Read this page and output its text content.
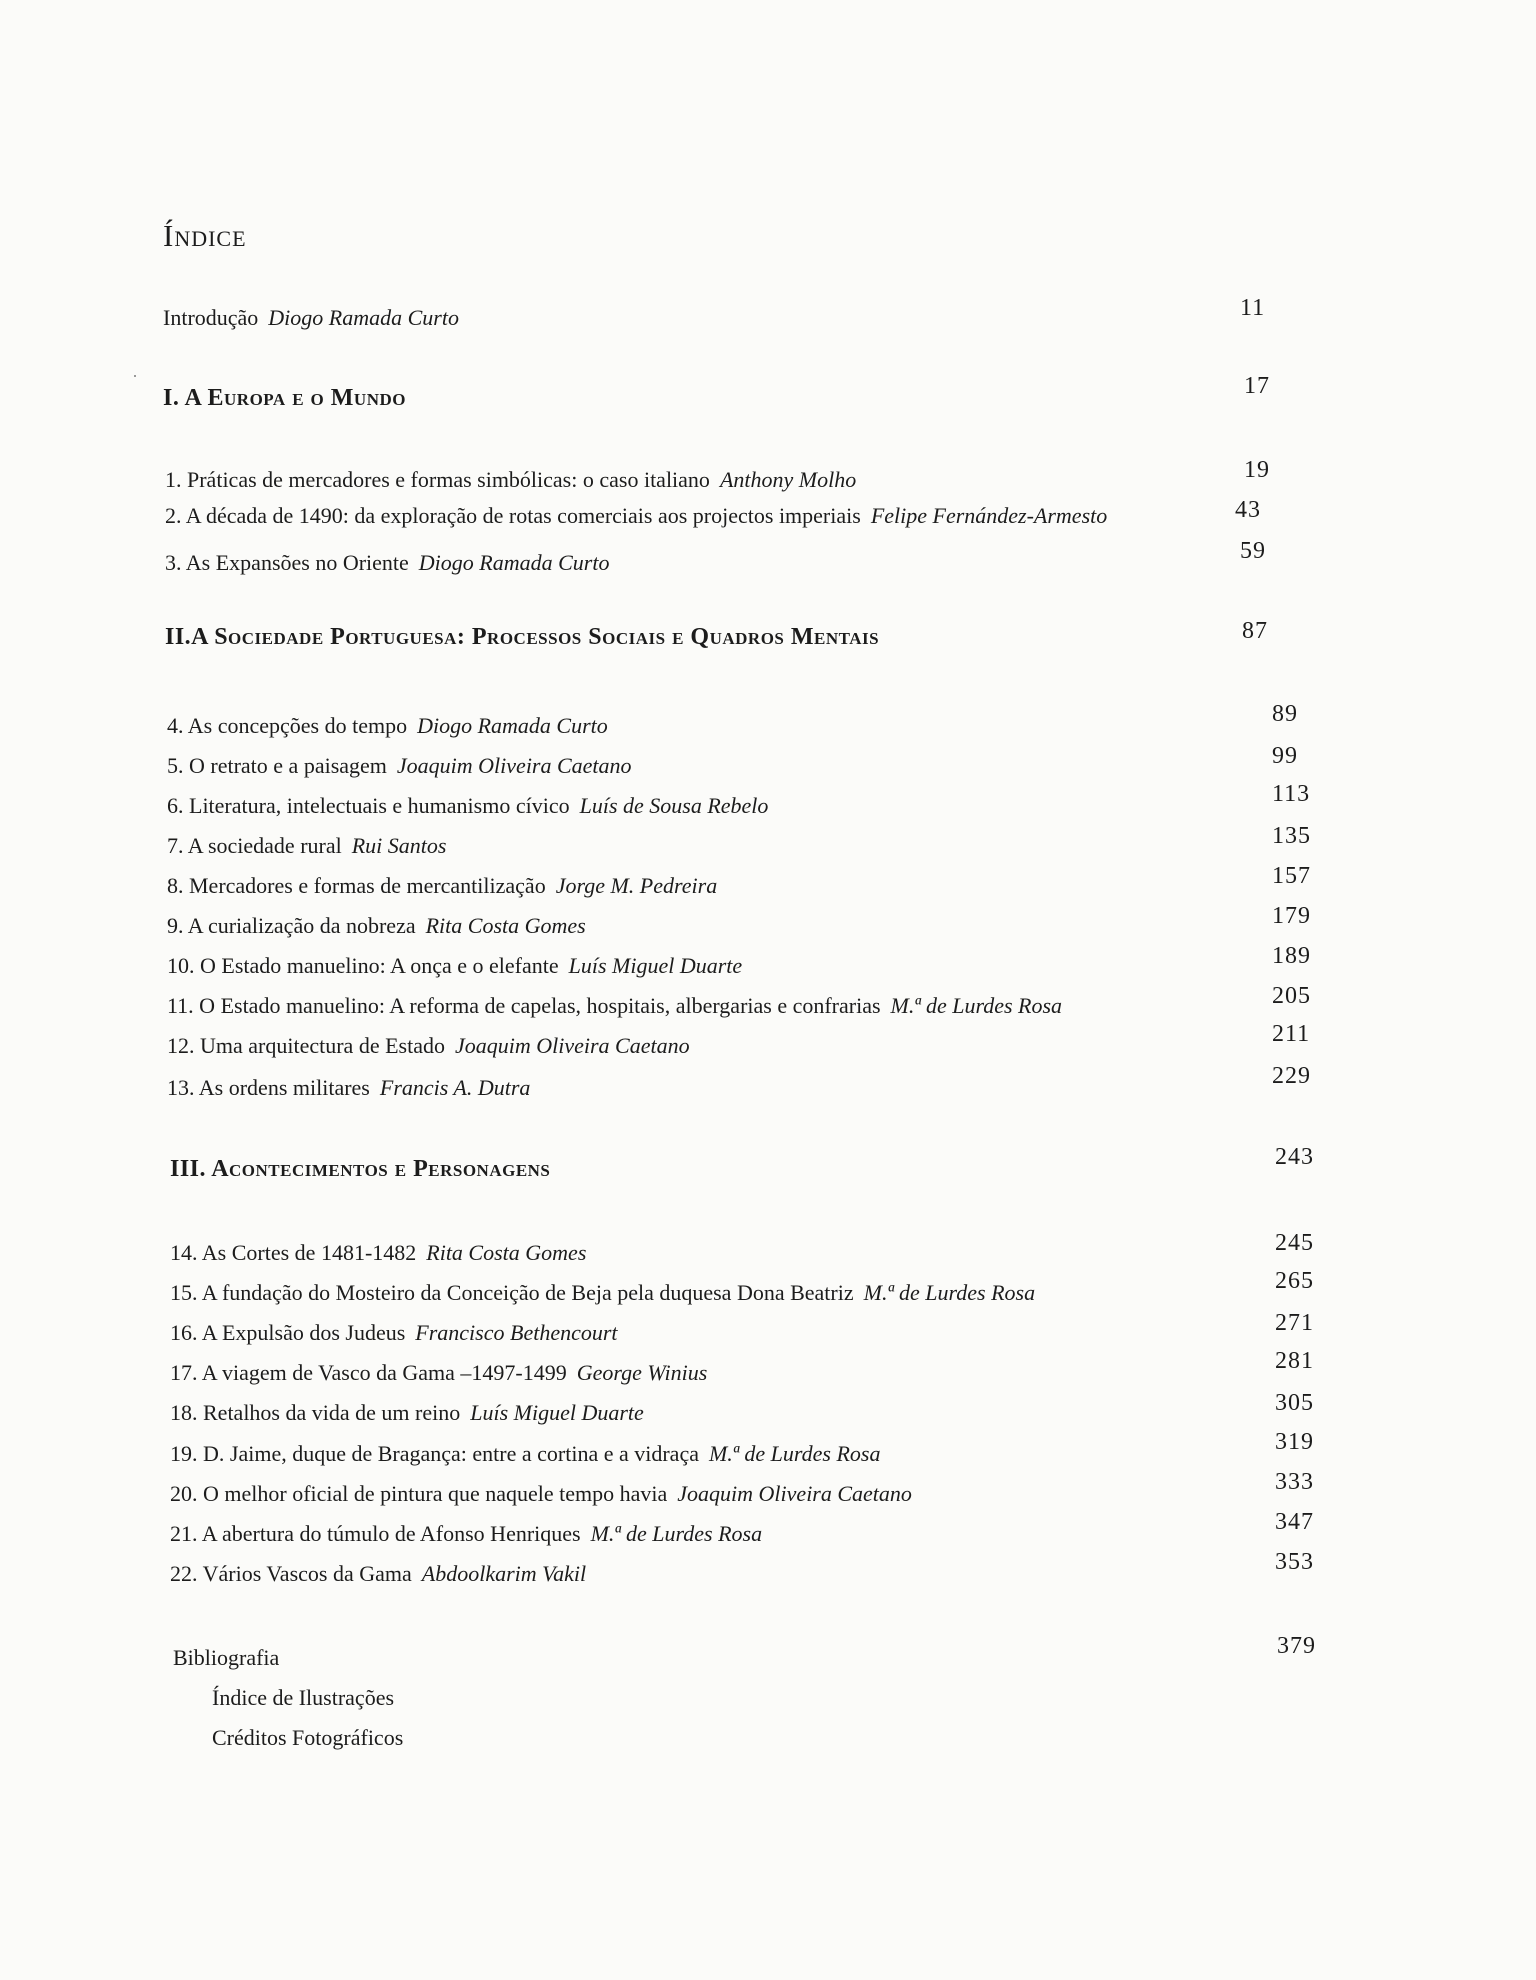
Índice
Introdução Diogo Ramada Curto	11
I. A Europa e o Mundo	17
1. Práticas de mercadores e formas simbólicas: o caso italiano Anthony Molho	19
2. A década de 1490: da exploração de rotas comerciais aos projectos imperiais Felipe Fernández-Armesto	43
3. As Expansões no Oriente Diogo Ramada Curto	59
II.A Sociedade Portuguesa: Processos Sociais e Quadros Mentais	87
4. As concepções do tempo Diogo Ramada Curto	89
5. O retrato e a paisagem Joaquim Oliveira Caetano	99
6. Literatura, intelectuais e humanismo cívico Luís de Sousa Rebelo	113
7. A sociedade rural Rui Santos	135
8. Mercadores e formas de mercantilização Jorge M. Pedreira	157
9. A curialização da nobreza Rita Costa Gomes	179
10. O Estado manuelino: A onça e o elefante Luís Miguel Duarte	189
11. O Estado manuelino: A reforma de capelas, hospitais, albergarias e confrarias M.ª de Lurdes Rosa	205
12. Uma arquitectura de Estado Joaquim Oliveira Caetano	211
13. As ordens militares Francis A. Dutra	229
III. Acontecimentos e Personagens	243
14. As Cortes de 1481-1482 Rita Costa Gomes	245
15. A fundação do Mosteiro da Conceição de Beja pela duquesa Dona Beatriz M.ª de Lurdes Rosa	265
16. A Expulsão dos Judeus Francisco Bethencourt	271
17. A viagem de Vasco da Gama –1497-1499 George Winius	281
18. Retalhos da vida de um reino Luís Miguel Duarte	305
19. D. Jaime, duque de Bragança: entre a cortina e a vidraça M.ª de Lurdes Rosa	319
20. O melhor oficial de pintura que naquele tempo havia Joaquim Oliveira Caetano	333
21. A abertura do túmulo de Afonso Henriques M.ª de Lurdes Rosa	347
22. Vários Vascos da Gama Abdoolkarim Vakil	353
Bibliografia	379
Índice de Ilustrações
Créditos Fotográficos
